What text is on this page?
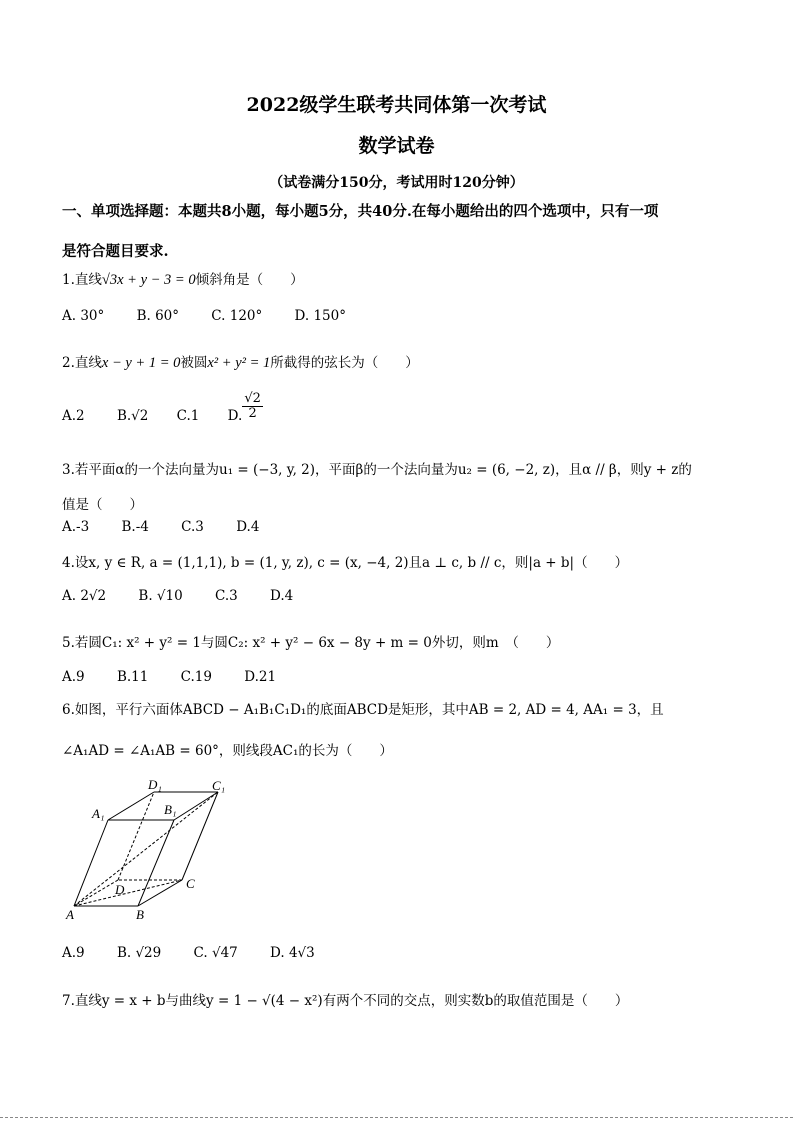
2022级学生联考共同体第一次考试
数学试卷
（试卷满分150分，考试用时120分钟）
一、单项选择题：本题共8小题，每小题5分，共40分.在每小题给出的四个选项中，只有一项
是符合题目要求.
1.直线√3x + y − 3 = 0倾斜角是（　　）
A. 30° B. 60° C. 120° D. 150°
2.直线x − y + 1 = 0被圆x² + y² = 1所截得的弦长为（　　）
A.2 B.√2 C.1 D. $\frac{√2}{2}$
3.若平面α的一个法向量为u₁ = (−3, y, 2)，平面β的一个法向量为u₂ = (6, −2, z)，且α // β，则y + z的
值是（　　）
A.-3 B.-4 C.3 D.4
4.设x, y ∈ R, a = (1,1,1), b = (1, y, z), c = (x, −4, 2)且a ⊥ c, b // c，则|a + b|（　　）
A. 2√2 B. √10 C.3 D.4
5.若圆C₁: x² + y² = 1与圆C₂: x² + y² − 6x − 8y + m = 0外切，则m　（　　）
A.9 B.11 C.19 D.21
6.如图，平行六面体ABCD − A₁B₁C₁D₁的底面ABCD是矩形，其中AB = 2, AD = 4, AA₁ = 3，且
∠A₁AD = ∠A₁AB = 60°，则线段AC₁的长为（　　）
A	B
C
D
A₁	B₁
C₁
D₁
A.9 B. √29 C. √47 D. 4√3
7.直线y = x + b与曲线y = 1 − √(4 − x²)有两个不同的交点，则实数b的取值范围是（　　）
